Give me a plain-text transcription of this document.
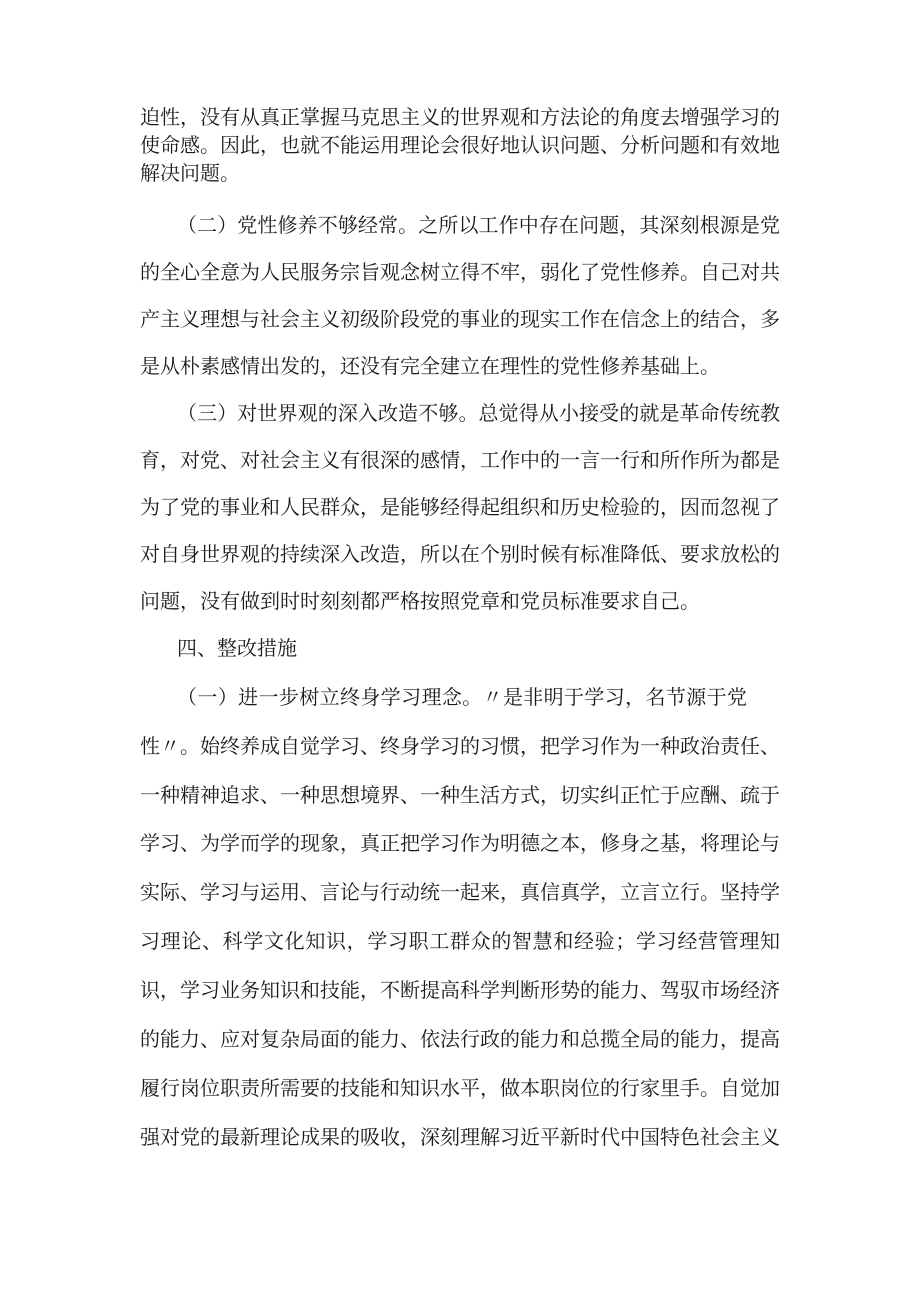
迫性，没有从真正掌握马克思主义的世界观和方法论的角度去增强学习的

使命感。因此，也就不能运用理论会很好地认识问题、分析问题和有效地

解决问题。

（二）党性修养不够经常。之所以工作中存在问题，其深刻根源是党

的全心全意为人民服务宗旨观念树立得不牢，弱化了党性修养。自己对共

产主义理想与社会主义初级阶段党的事业的现实工作在信念上的结合，多

是从朴素感情出发的，还没有完全建立在理性的党性修养基础上。

（三）对世界观的深入改造不够。总觉得从小接受的就是革命传统教

育，对党、对社会主义有很深的感情，工作中的一言一行和所作所为都是

为了党的事业和人民群众，是能够经得起组织和历史检验的，因而忽视了

对自身世界观的持续深入改造，所以在个别时候有标准降低、要求放松的

问题，没有做到时时刻刻都严格按照党章和党员标准要求自己。

四、整改措施

（一）进一步树立终身学习理念。〃是非明于学习，名节源于党

性〃。始终养成自觉学习、终身学习的习惯，把学习作为一种政治责任、

一种精神追求、一种思想境界、一种生活方式，切实纠正忙于应酬、疏于

学习、为学而学的现象，真正把学习作为明德之本，修身之基，将理论与

实际、学习与运用、言论与行动统一起来，真信真学，立言立行。坚持学

习理论、科学文化知识，学习职工群众的智慧和经验；学习经营管理知

识，学习业务知识和技能，不断提高科学判断形势的能力、驾驭市场经济

的能力、应对复杂局面的能力、依法行政的能力和总揽全局的能力，提高

履行岗位职责所需要的技能和知识水平，做本职岗位的行家里手。自觉加

强对党的最新理论成果的吸收，深刻理解习近平新时代中国特色社会主义
